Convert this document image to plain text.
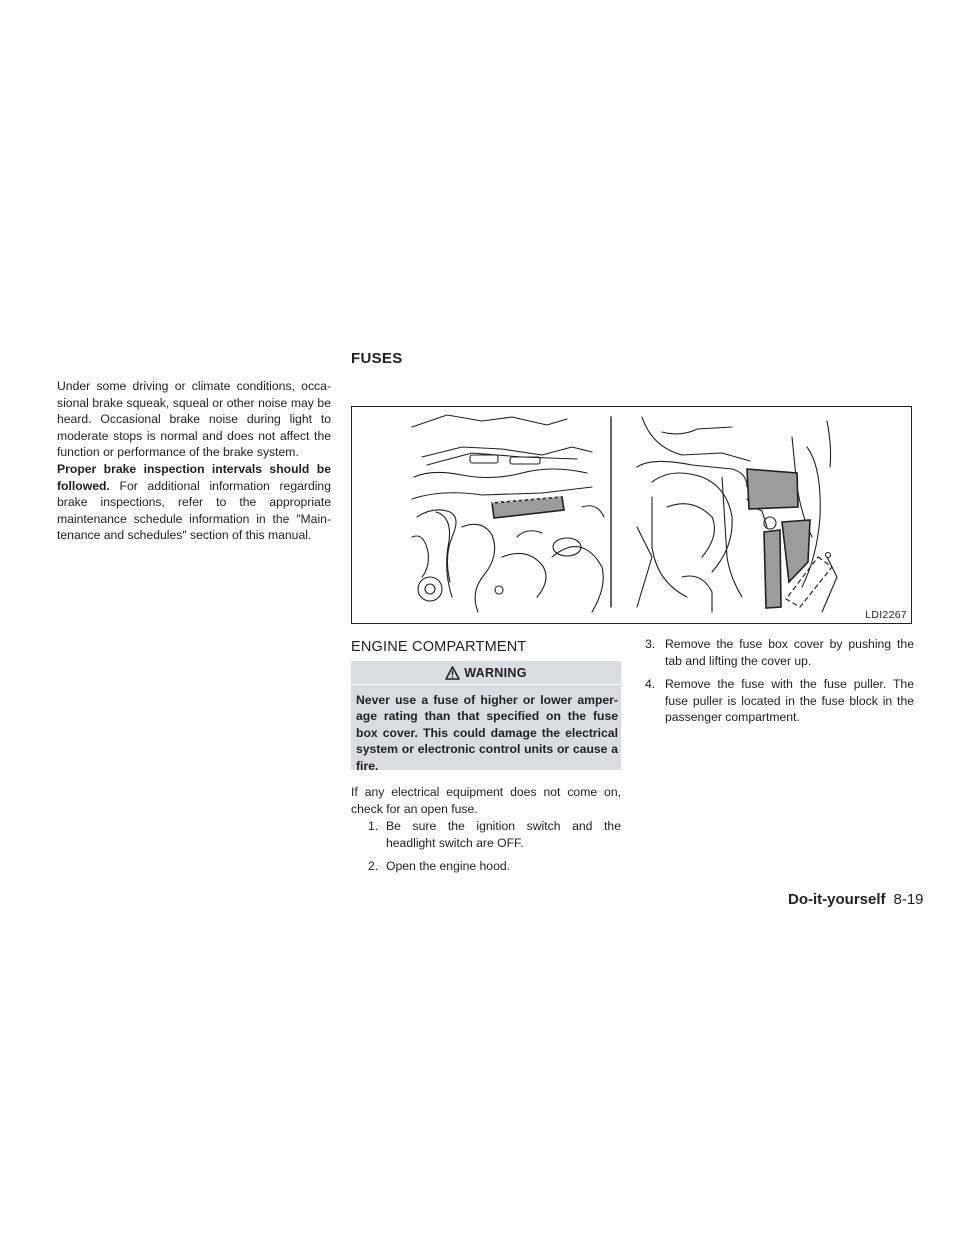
FUSES
Under some driving or climate conditions, occasional brake squeak, squeal or other noise may be heard. Occasional brake noise during light to moderate stops is normal and does not affect the function or performance of the brake system.
Proper brake inspection intervals should be followed. For additional information regarding brake inspections, refer to the appropriate maintenance schedule information in the ″Maintenance and schedules″ section of this manual.
LDI2267
ENGINE COMPARTMENT
WARNING
Never use a fuse of higher or lower amperage rating than that specified on the fuse box cover. This could damage the electrical system or electronic control units or cause a fire.
If any electrical equipment does not come on, check for an open fuse.
1. Be sure the ignition switch and the headlight switch are OFF.
2. Open the engine hood.
3. Remove the fuse box cover by pushing the tab and lifting the cover up.
4. Remove the fuse with the fuse puller. The fuse puller is located in the fuse block in the passenger compartment.
Do-it-yourself 8-19
